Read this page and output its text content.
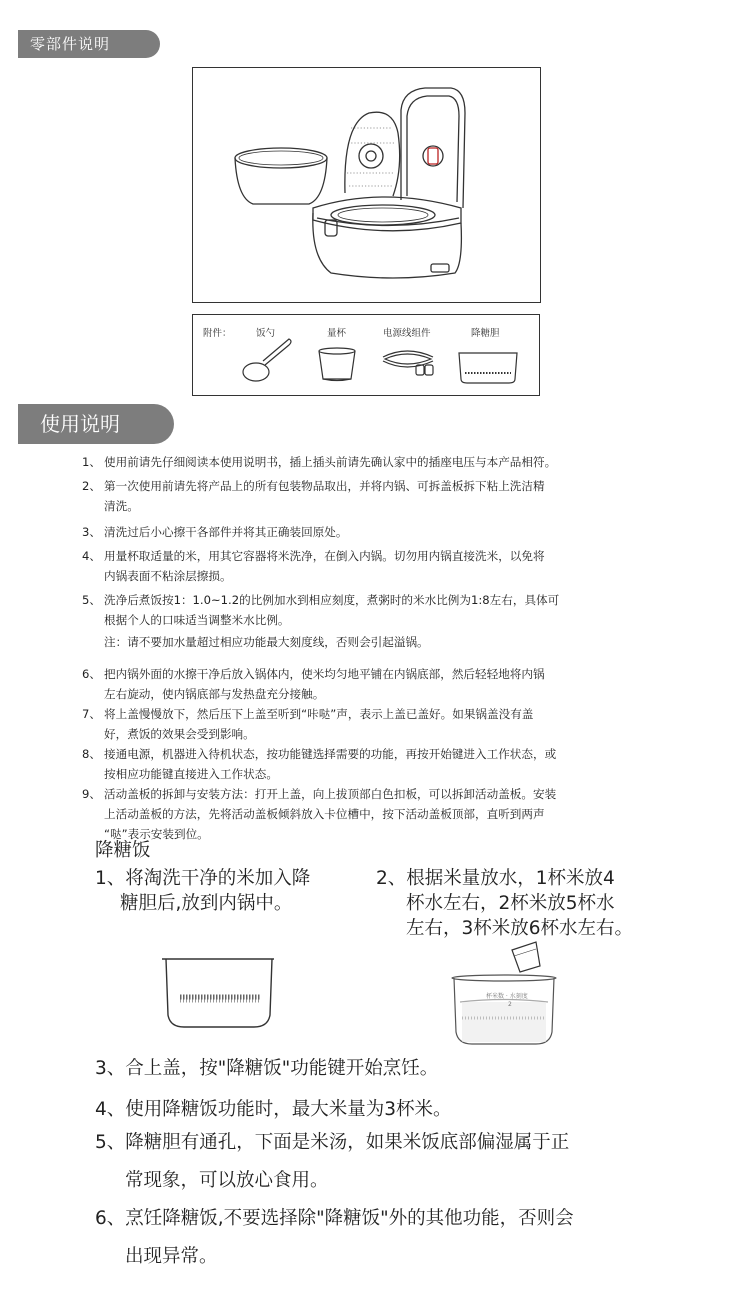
零部件说明
使用说明
附件：	饭勺	量杯	电源线组件	降糖胆
1、 使用前请先仔细阅读本使用说明书，插上插头前请先确认家中的插座电压与本产品相符。
2、 第一次使用前请先将产品上的所有包装物品取出，并将内锅、可拆盖板拆下粘上洗洁精
清洗。
3、 清洗过后小心擦干各部件并将其正确装回原处。
4、 用量杯取适量的米，用其它容器将米洗净，在倒入内锅。切勿用内锅直接洗米，以免将
内锅表面不粘涂层擦损。
5、 洗净后煮饭按1：1.0~1.2的比例加水到相应刻度，煮粥时的米水比例为1:8左右，具体可
根据个人的口味适当调整米水比例。
注：请不要加水量超过相应功能最大刻度线，否则会引起溢锅。
6、 把内锅外面的水擦干净后放入锅体内，使米均匀地平铺在内锅底部，然后轻轻地将内锅
左右旋动，使内锅底部与发热盘充分接触。
7、 将上盖慢慢放下，然后压下上盖至听到“咔哒”声，表示上盖已盖好。如果锅盖没有盖
好，煮饭的效果会受到影响。
8、 接通电源，机器进入待机状态，按功能键选择需要的功能，再按开始键进入工作状态，或
按相应功能键直接进入工作状态。
9、 活动盖板的拆卸与安装方法：打开上盖，向上拔顶部白色扣板，可以拆卸活动盖板。安装
上活动盖板的方法，先将活动盖板倾斜放入卡位槽中，按下活动盖板顶部，直听到两声
“哒”表示安装到位。
降糖饭
1、将淘洗干净的米加入降
糖胆后,放到内锅中。
2、根据米量放水，1杯米放4
杯水左右，2杯米放5杯水
左右，3杯米放6杯水左右。
杯米数 · 水刻度
2
3、合上盖，按"降糖饭"功能键开始烹饪。
4、使用降糖饭功能时，最大米量为3杯米。
5、降糖胆有通孔，下面是米汤，如果米饭底部偏湿属于正
常现象，可以放心食用。
6、烹饪降糖饭,不要选择除"降糖饭"外的其他功能，否则会
出现异常。
